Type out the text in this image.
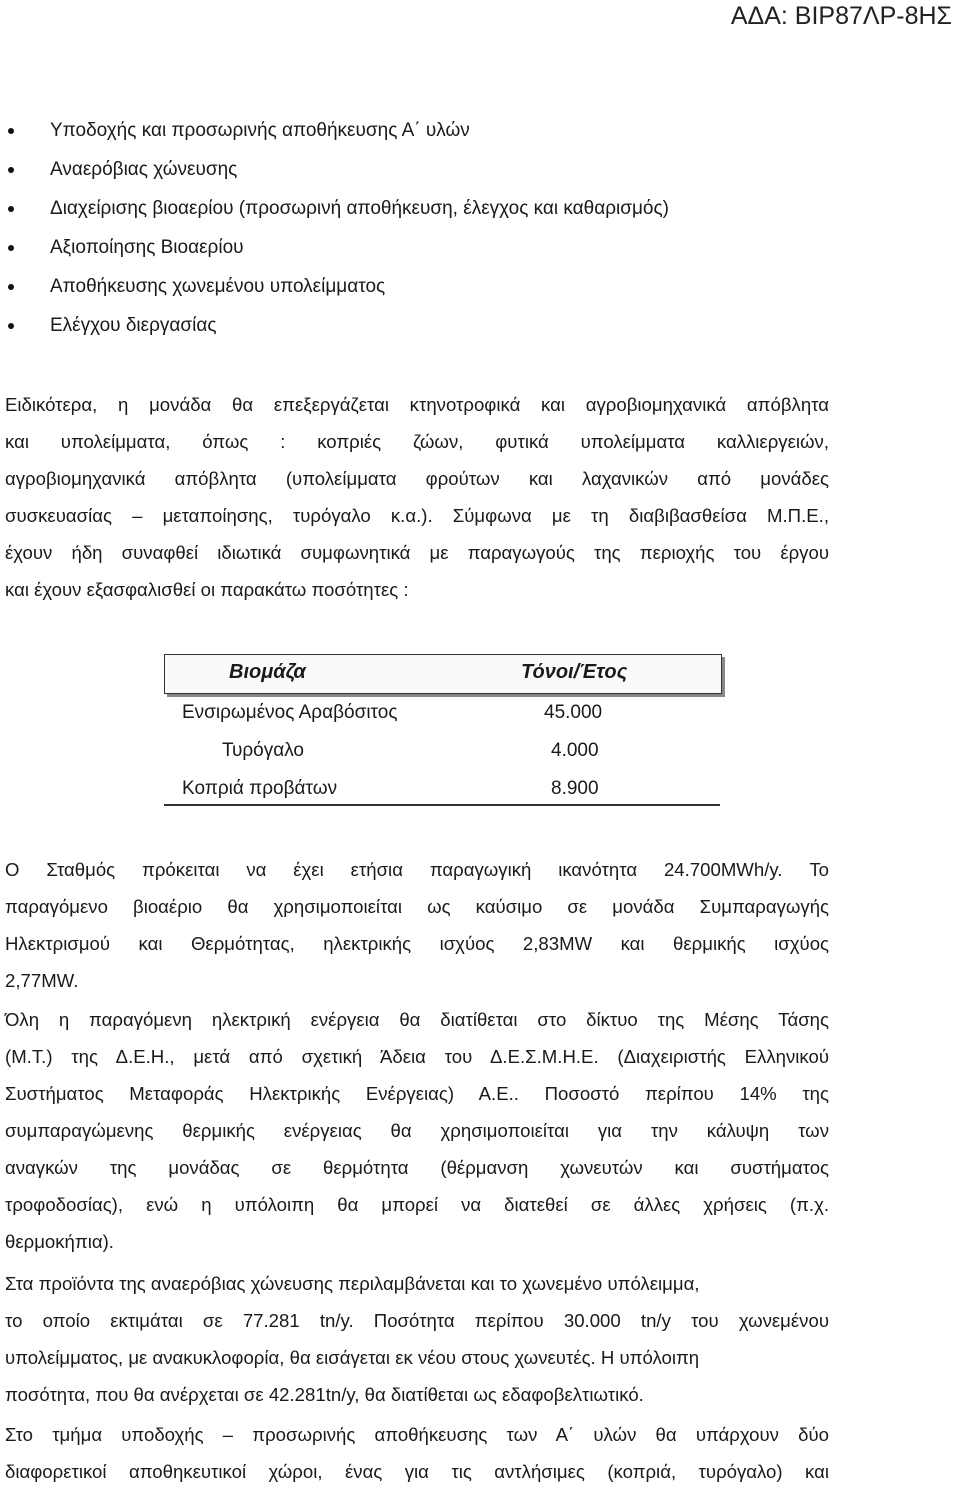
ΑΔΑ: ΒΙΡ87ΛΡ-8ΗΣ
Υποδοχής και προσωρινής αποθήκευσης Α΄ υλών
Αναερόβιας χώνευσης
Διαχείρισης βιοαερίου (προσωρινή αποθήκευση, έλεγχος και καθαρισμός)
Αξιοποίησης Βιοαερίου
Αποθήκευσης χωνεμένου υπολείμματος
Ελέγχου διεργασίας
Ειδικότερα, η μονάδα θα επεξεργάζεται κτηνοτροφικά και αγροβιομηχανικά απόβλητα
και υπολείμματα, όπως : κοπριές ζώων, φυτικά υπολείμματα καλλιεργειών,
αγροβιομηχανικά απόβλητα (υπολείμματα φρούτων και λαχανικών από μονάδες
συσκευασίας – μεταποίησης, τυρόγαλο κ.α.). Σύμφωνα με τη διαβιβασθείσα Μ.Π.Ε.,
έχουν ήδη συναφθεί ιδιωτικά συμφωνητικά με παραγωγούς της περιοχής του έργου
και έχουν εξασφαλισθεί οι παρακάτω ποσότητες :
Βιομάζα	Τόνοι/Έτος
Ενσιρωμένος Αραβόσιτος	45.000
Τυρόγαλο	4.000
Κοπριά προβάτων	8.900
Ο Σταθμός πρόκειται να έχει ετήσια παραγωγική ικανότητα 24.700MWh/y. Το
παραγόμενο βιοαέριο θα χρησιμοποιείται ως καύσιμο σε μονάδα Συμπαραγωγής
Ηλεκτρισμού και Θερμότητας, ηλεκτρικής ισχύος 2,83MW και θερμικής ισχύος
2,77MW.
Όλη η παραγόμενη ηλεκτρική ενέργεια θα διατίθεται στο δίκτυο της Μέσης Τάσης
(Μ.Τ.) της Δ.Ε.Η., μετά από σχετική Άδεια του Δ.Ε.Σ.Μ.Η.Ε. (Διαχειριστής Ελληνικού
Συστήματος Μεταφοράς Ηλεκτρικής Ενέργειας) Α.Ε.. Ποσοστό περίπου 14% της
συμπαραγώμενης θερμικής ενέργειας θα χρησιμοποιείται για την κάλυψη των
αναγκών της μονάδας σε θερμότητα (θέρμανση χωνευτών και συστήματος
τροφοδοσίας), ενώ η υπόλοιπη θα μπορεί να διατεθεί σε άλλες χρήσεις (π.χ.
θερμοκήπια).
Στα προϊόντα της αναερόβιας χώνευσης περιλαμβάνεται και το χωνεμένο υπόλειμμα,
το οποίο εκτιμάται σε 77.281 tn/y. Ποσότητα περίπου 30.000 tn/y του χωνεμένου
υπολείμματος, με ανακυκλοφορία, θα εισάγεται εκ νέου στους χωνευτές. Η υπόλοιπη
ποσότητα, που θα ανέρχεται σε 42.281tn/y, θα διατίθεται ως εδαφοβελτιωτικό.
Στο τμήμα υποδοχής – προσωρινής αποθήκευσης των Α΄ υλών θα υπάρχουν δύο
διαφορετικοί αποθηκευτικοί χώροι, ένας για τις αντλήσιμες (κοπριά, τυρόγαλο) και
